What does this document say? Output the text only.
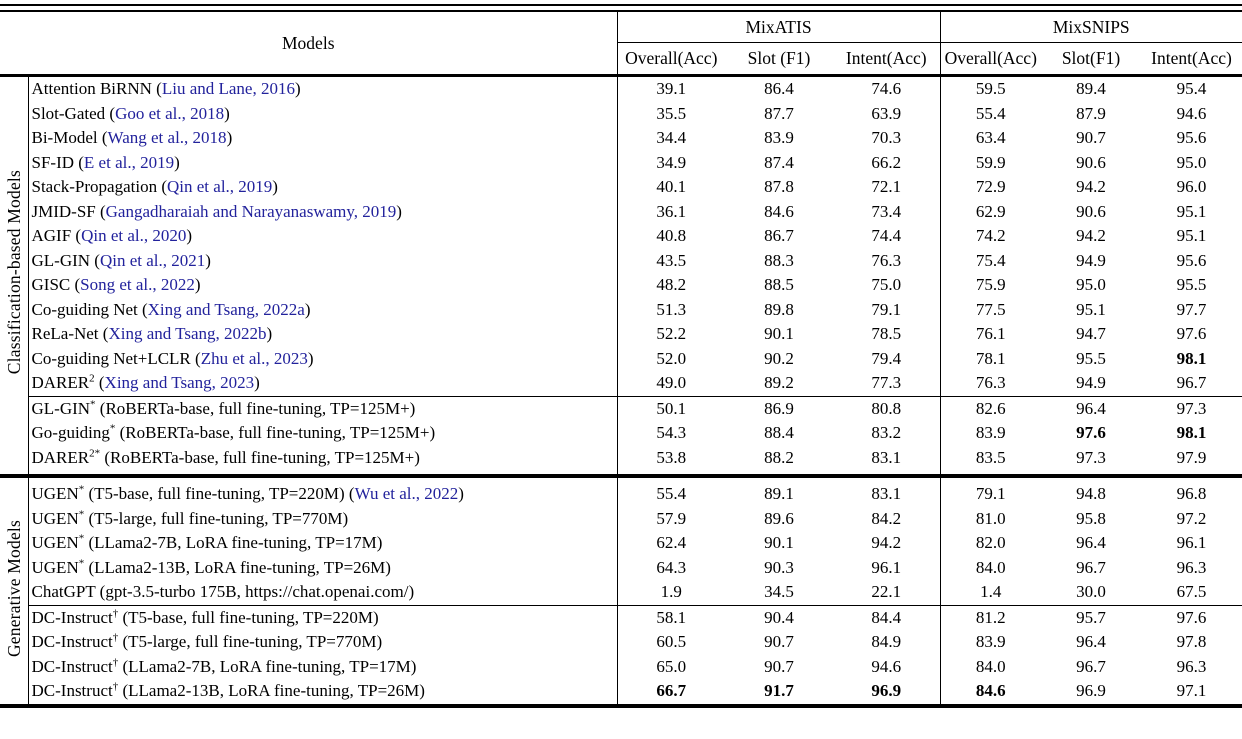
Models		MixATIS			MixSNIPS		
		Overall(Acc)	Slot (F1)	Intent(Acc)	Overall(Acc)	Slot(F1)	Intent(Acc)
Classification-based Models	Attention BiRNN (Liu and Lane, 2016)	39.1	86.4	74.6	59.5	89.4	95.4
	Slot-Gated (Goo et al., 2018)	35.5	87.7	63.9	55.4	87.9	94.6
	Bi-Model (Wang et al., 2018)	34.4	83.9	70.3	63.4	90.7	95.6
	SF-ID (E et al., 2019)	34.9	87.4	66.2	59.9	90.6	95.0
	Stack-Propagation (Qin et al., 2019)	40.1	87.8	72.1	72.9	94.2	96.0
	JMID-SF (Gangadharaiah and Narayanaswamy, 2019)	36.1	84.6	73.4	62.9	90.6	95.1
	AGIF (Qin et al., 2020)	40.8	86.7	74.4	74.2	94.2	95.1
	GL-GIN (Qin et al., 2021)	43.5	88.3	76.3	75.4	94.9	95.6
	GISC (Song et al., 2022)	48.2	88.5	75.0	75.9	95.0	95.5
	Co-guiding Net (Xing and Tsang, 2022a)	51.3	89.8	79.1	77.5	95.1	97.7
	ReLa-Net (Xing and Tsang, 2022b)	52.2	90.1	78.5	76.1	94.7	97.6
	Co-guiding Net+LCLR (Zhu et al., 2023)	52.0	90.2	79.4	78.1	95.5	98.1
	DARER$^2$ (Xing and Tsang, 2023)	49.0	89.2	77.3	76.3	94.9	96.7
	GL-GIN* (RoBERTa-base, full fine-tuning, TP=125M+)	50.1	86.9	80.8	82.6	96.4	97.3
	Go-guiding* (RoBERTa-base, full fine-tuning, TP=125M+)	54.3	88.4	83.2	83.9	97.6	98.1
	$DARER^{2*}$ (RoBERTa-base, full fine-tuning, TP=125M+)	53.8	88.2	83.1	83.5	97.3	97.9
Generative Models	UGEN* (T5-base, full fine-tuning, TP=220M) (Wu et al., 2022)	55.4	89.1	83.1	79.1	94.8	96.8
	UGEN* (T5-large, full fine-tuning, TP=770M)	57.9	89.6	84.2	81.0	95.8	97.2
	UGEN* (LLama2-7B, LoRA fine-tuning, TP=17M)	62.4	90.1	94.2	82.0	96.4	96.1
	UGEN* (LLama2-13B, LoRA fine-tuning, TP=26M)	64.3	90.3	96.1	84.0	96.7	96.3
	ChatGPT (gpt-3.5-turbo 175B, https://chat.openai.com/)	1.9	34.5	22.1	1.4	30.0	67.5
	DC-Instruct† (T5-base, full fine-tuning, TP=220M)	58.1	90.4	84.4	81.2	95.7	97.6
	DC-Instruct† (T5-large, full fine-tuning, TP=770M)	60.5	90.7	84.9	83.9	96.4	97.8
	DC-Instruct† (LLama2-7B, LoRA fine-tuning, TP=17M)	65.0	90.7	94.6	84.0	96.7	96.3
	DC-Instruct† (LLama2-13B, LoRA fine-tuning, TP=26M)	66.7	91.7	96.9	84.6	96.9	97.1
